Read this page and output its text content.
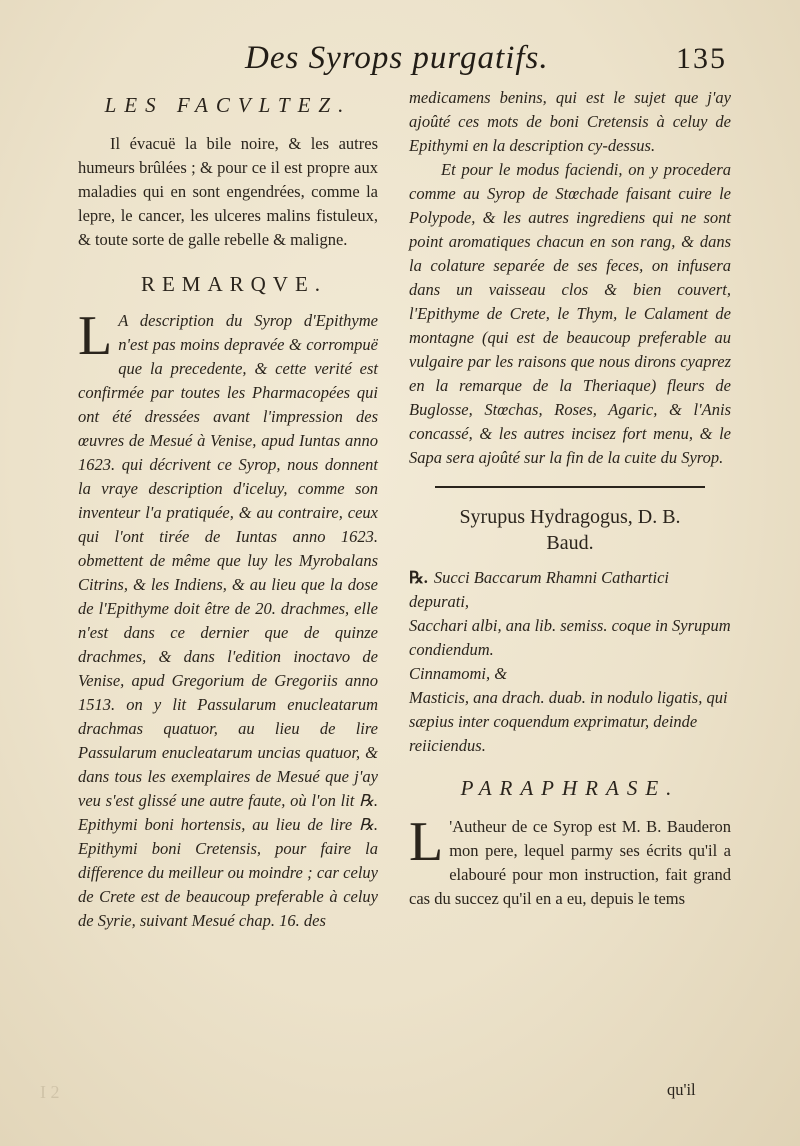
Des Syrops purgatifs.	135

LES FACVLTEZ.

Il évacuë la bile noire, & les autres humeurs brûlées ; & pour ce il est propre aux maladies qui en sont engendrées, comme la lepre, le cancer, les ulceres malins fistuleux, & toute sorte de galle rebelle & maligne.

REMARQVE.

L A description du Syrop d'Epithyme n'est pas moins depravée & corrompuë que la precedente, & cette verité est confirmée par toutes les Pharmacopées qui ont été dressées avant l'impression des œuvres de Mesué à Venise, apud Iuntas anno 1623. qui décrivent ce Syrop, nous donnent la vraye description d'iceluy, comme son inventeur l'a pratiquée, & au contraire, ceux qui l'ont tirée de Iuntas anno 1623. obmettent de même que luy les Myrobalans Citrins, & les Indiens, & au lieu que la dose de l'Epithyme doit être de 20. drachmes, elle n'est dans ce dernier que de quinze drachmes, & dans l'edition inoctavo de Venise, apud Gregorium de Gregoriis anno 1513. on y lit Passularum enucleatarum drachmas quatuor, au lieu de lire Passularum enucleatarum uncias quatuor, & dans tous les exemplaires de Mesué que j'ay veu s'est glissé une autre faute, où l'on lit ℞. Epithymi boni hortensis, au lieu de lire ℞. Epithymi boni Cretensis, pour faire la difference du meilleur ou moindre ; car celuy de Crete est de beaucoup preferable à celuy de Syrie, suivant Mesué chap. 16. des

medicamens benins, qui est le sujet que j'ay ajoûté ces mots de boni Cretensis à celuy de Epithymi en la description cy-dessus.

Et pour le modus faciendi, on y procedera comme au Syrop de Stœchade faisant cuire le Polypode, & les autres ingrediens qui ne sont point aromatiques chacun en son rang, & dans la colature separée de ses feces, on infusera dans un vaisseau clos & bien couvert, l'Epithyme de Crete, le Thym, le Calament de montagne (qui est de beaucoup preferable au vulgaire par les raisons que nous dirons cyaprez en la remarque de la Theriaque) fleurs de Buglosse, Stœchas, Roses, Agaric, & l'Anis concassé, & les autres incisez fort menu, & le Sapa sera ajoûté sur la fin de la cuite du Syrop.

Syrupus Hydragogus, D. B.

Baud.

℞. Succi Baccarum Rhamni Cathartici depurati,
Sacchari albi, ana lib. semiss. coque in Syrupum condiendum.
Cinnamomi, &
Masticis, ana drach. duab. in nodulo ligatis, qui sæpius inter coquendum exprimatur, deinde reiiciendus.

PARAPHRASE.

L 'Autheur de ce Syrop est M. B. Bauderon mon pere, lequel parmy ses écrits qu'il a elabouré pour mon instruction, fait grand cas du succez qu'il en a eu, depuis le tems

I 2	qu'il
